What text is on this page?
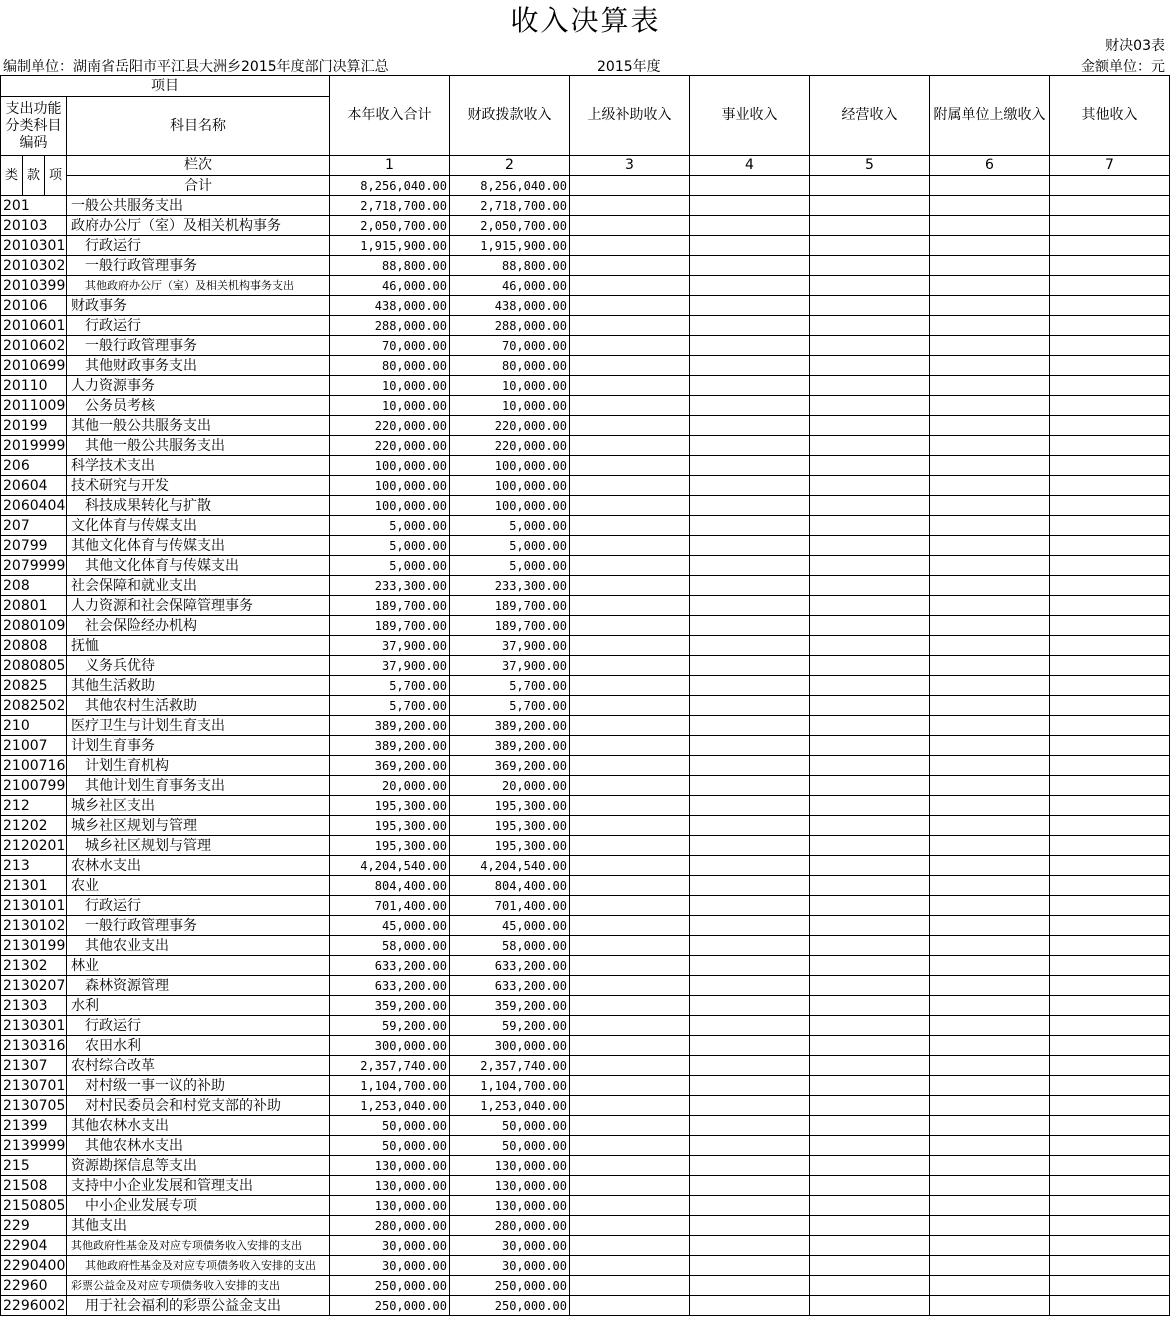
收入决算表
财决03表
编制单位：湖南省岳阳市平江县大洲乡2015年度部门决算汇总	2015年度	金额单位：元
项目				本年收入合计	财政拨款收入	上级补助收入	事业收入	经营收入	附属单位上缴收入	其他收入
支出功能分类科目编码			科目名称							
类	款	项	栏次	1	2	3	4	5	6	7
			合计	8,256,040.00	8,256,040.00					
201			一般公共服务支出	2,718,700.00	2,718,700.00					
20103			政府办公厅（室）及相关机构事务	2,050,700.00	2,050,700.00					
2010301			行政运行	1,915,900.00	1,915,900.00					
2010302			一般行政管理事务	88,800.00	88,800.00					
2010399			其他政府办公厅（室）及相关机构事务支出	46,000.00	46,000.00					
20106			财政事务	438,000.00	438,000.00					
2010601			行政运行	288,000.00	288,000.00					
2010602			一般行政管理事务	70,000.00	70,000.00					
2010699			其他财政事务支出	80,000.00	80,000.00					
20110			人力资源事务	10,000.00	10,000.00					
2011009			公务员考核	10,000.00	10,000.00					
20199			其他一般公共服务支出	220,000.00	220,000.00					
2019999			其他一般公共服务支出	220,000.00	220,000.00					
206			科学技术支出	100,000.00	100,000.00					
20604			技术研究与开发	100,000.00	100,000.00					
2060404			科技成果转化与扩散	100,000.00	100,000.00					
207			文化体育与传媒支出	5,000.00	5,000.00					
20799			其他文化体育与传媒支出	5,000.00	5,000.00					
2079999			其他文化体育与传媒支出	5,000.00	5,000.00					
208			社会保障和就业支出	233,300.00	233,300.00					
20801			人力资源和社会保障管理事务	189,700.00	189,700.00					
2080109			社会保险经办机构	189,700.00	189,700.00					
20808			抚恤	37,900.00	37,900.00					
2080805			义务兵优待	37,900.00	37,900.00					
20825			其他生活救助	5,700.00	5,700.00					
2082502			其他农村生活救助	5,700.00	5,700.00					
210			医疗卫生与计划生育支出	389,200.00	389,200.00					
21007			计划生育事务	389,200.00	389,200.00					
2100716			计划生育机构	369,200.00	369,200.00					
2100799			其他计划生育事务支出	20,000.00	20,000.00					
212			城乡社区支出	195,300.00	195,300.00					
21202			城乡社区规划与管理	195,300.00	195,300.00					
2120201			城乡社区规划与管理	195,300.00	195,300.00					
213			农林水支出	4,204,540.00	4,204,540.00					
21301			农业	804,400.00	804,400.00					
2130101			行政运行	701,400.00	701,400.00					
2130102			一般行政管理事务	45,000.00	45,000.00					
2130199			其他农业支出	58,000.00	58,000.00					
21302			林业	633,200.00	633,200.00					
2130207			森林资源管理	633,200.00	633,200.00					
21303			水利	359,200.00	359,200.00					
2130301			行政运行	59,200.00	59,200.00					
2130316			农田水利	300,000.00	300,000.00					
21307			农村综合改革	2,357,740.00	2,357,740.00					
2130701			对村级一事一议的补助	1,104,700.00	1,104,700.00					
2130705			对村民委员会和村党支部的补助	1,253,040.00	1,253,040.00					
21399			其他农林水支出	50,000.00	50,000.00					
2139999			其他农林水支出	50,000.00	50,000.00					
215			资源勘探信息等支出	130,000.00	130,000.00					
21508			支持中小企业发展和管理支出	130,000.00	130,000.00					
2150805			中小企业发展专项	130,000.00	130,000.00					
229			其他支出	280,000.00	280,000.00					
22904			其他政府性基金及对应专项债务收入安排的支出	30,000.00	30,000.00					
2290400			其他政府性基金及对应专项债务收入安排的支出	30,000.00	30,000.00					
22960			彩票公益金及对应专项债务收入安排的支出	250,000.00	250,000.00					
2296002			用于社会福利的彩票公益金支出	250,000.00	250,000.00					
